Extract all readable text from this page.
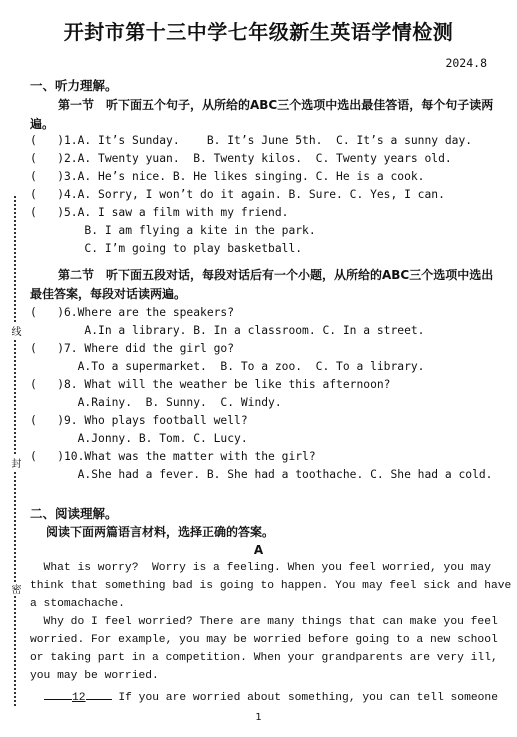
线
封
密
开封市第十三中学七年级新生英语学情检测
2024.8
一、听力理解。
第一节　听下面五个句子，从所给的ABC三个选项中选出最佳答语，每个句子读两遍。
(   )1.A. It’s Sunday.    B. It’s June 5th.  C. It’s a sunny day.
(   )2.A. Twenty yuan.  B. Twenty kilos.  C. Twenty years old.
(   )3.A. He’s nice. B. He likes singing. C. He is a cook.
(   )4.A. Sorry, I won’t do it again. B. Sure. C. Yes, I can.
(   )5.A. I saw a film with my friend.
B. I am flying a kite in the park.
C. I’m going to play basketball.
第二节　听下面五段对话，每段对话后有一个小题，从所给的ABC三个选项中选出最佳答案，每段对话读两遍。
(   )6.Where are the speakers?
A.In a library. B. In a classroom. C. In a street.
(   )7. Where did the girl go?
A.To a supermarket.  B. To a zoo.  C. To a library.
(   )8. What will the weather be like this afternoon?
A.Rainy.  B. Sunny.  C. Windy.
(   )9. Who plays football well?
A.Jonny. B. Tom. C. Lucy.
(   )10.What was the matter with the girl?
A.She had a fever. B. She had a toothache. C. She had a cold.
二、阅读理解。
阅读下面两篇语言材料，选择正确的答案。
A
What is worry?  Worry is a feeling. When you feel worried, you may
think that something bad is going to happen. You may feel sick and have
a stomachache.
Why do I feel worried? There are many things that can make you feel
worried. For example, you may be worried before going to a new school
or taking part in a competition. When your grandparents are very ill,
you may be worried.
12 If you are worried about something, you can tell someone
1
